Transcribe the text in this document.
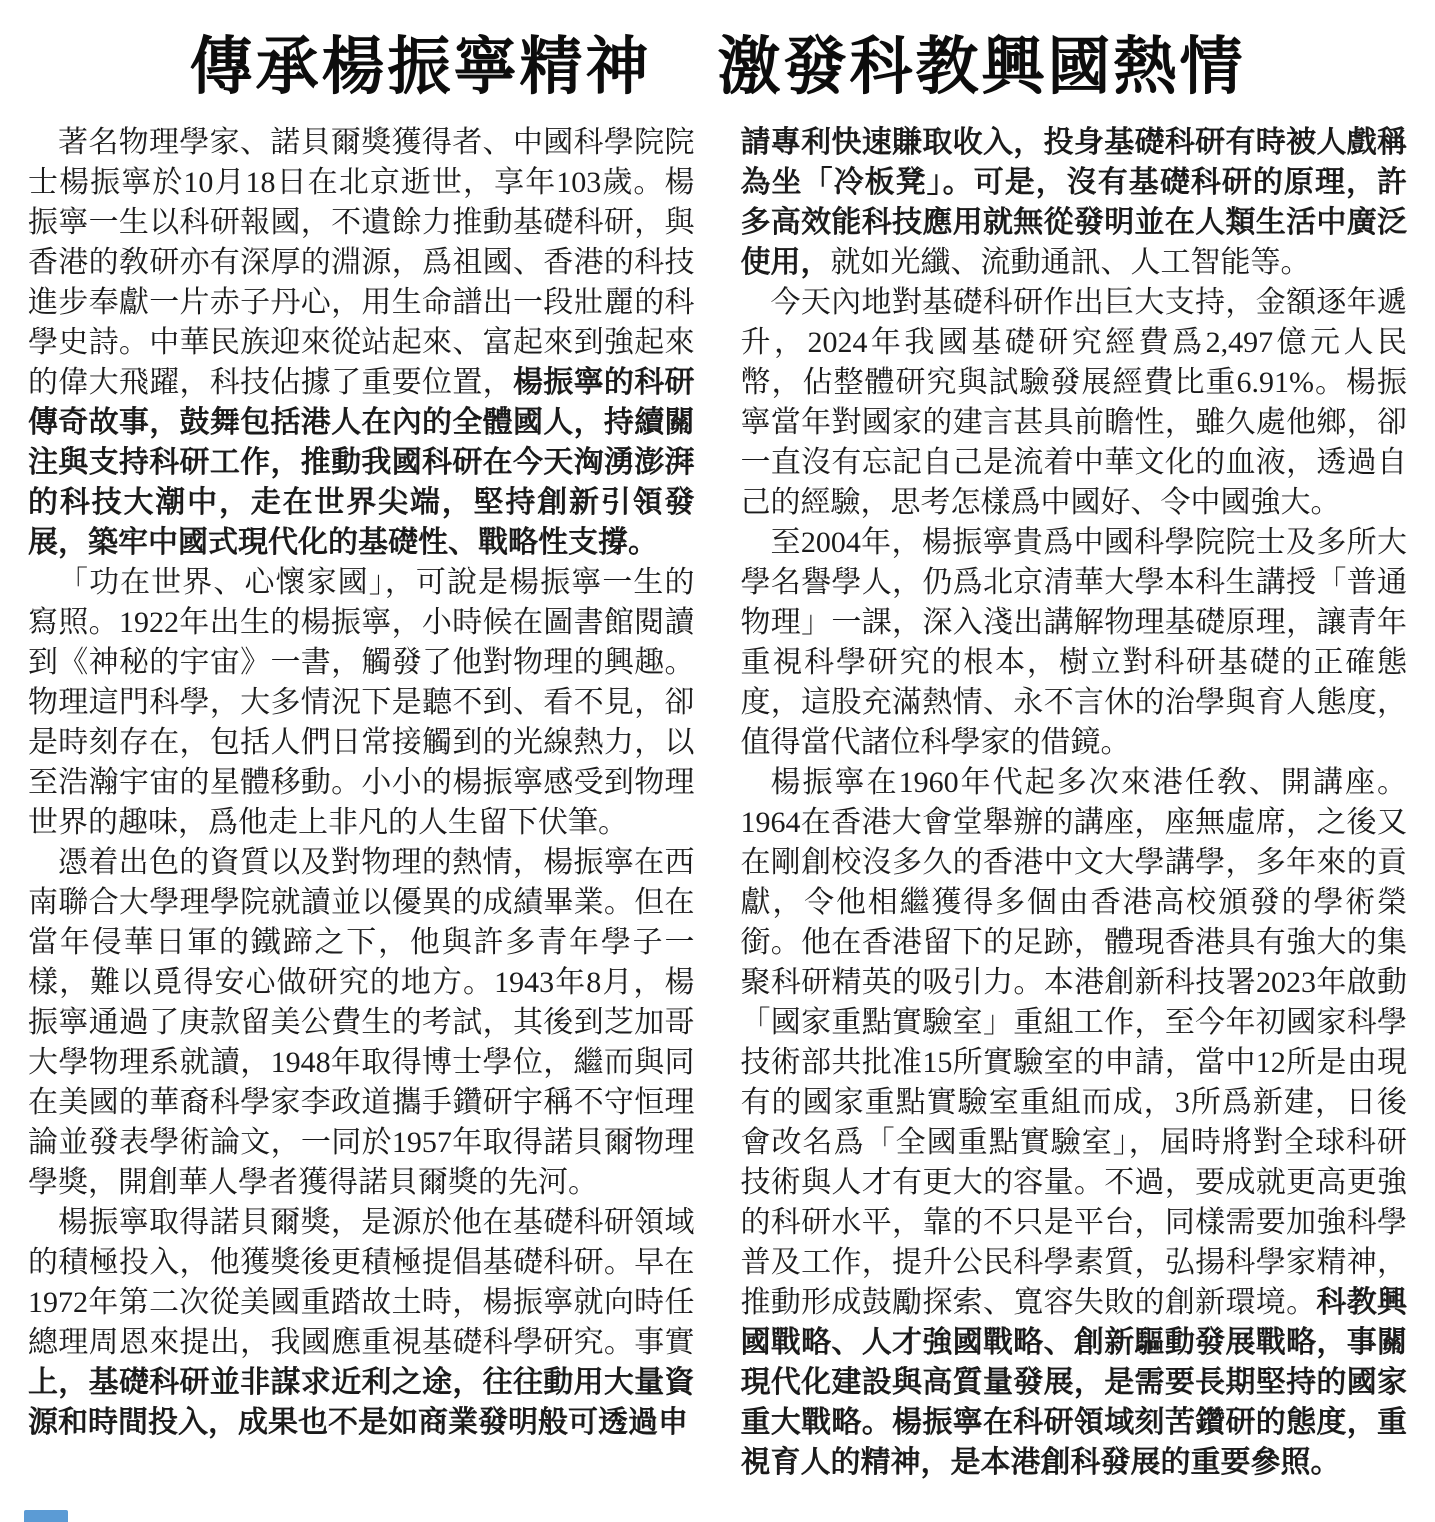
傳承楊振寧精神　激發科教興國熱情

著名物理學家、諾貝爾獎獲得者、中國科學院院士楊振寧於10月18日在北京逝世，享年103歲。楊振寧一生以科研報國，不遺餘力推動基礎科研，與香港的敎研亦有深厚的淵源，爲祖國、香港的科技進步奉獻一片赤子丹心，用生命譜出一段壯麗的科學史詩。中華民族迎來從站起來、富起來到強起來的偉大飛躍，科技佔據了重要位置，楊振寧的科研傳奇故事，鼓舞包括港人在內的全體國人，持續關注與支持科研工作，推動我國科研在今天洶湧澎湃的科技大潮中，走在世界尖端，堅持創新引領發展，築牢中國式現代化的基礎性、戰略性支撐。

「功在世界、心懷家國」，可說是楊振寧一生的寫照。1922年出生的楊振寧，小時候在圖書館閱讀到《神秘的宇宙》一書，觸發了他對物理的興趣。物理這門科學，大多情況下是聽不到、看不見，卻是時刻存在，包括人們日常接觸到的光線熱力，以至浩瀚宇宙的星體移動。小小的楊振寧感受到物理世界的趣味，爲他走上非凡的人生留下伏筆。

憑着出色的資質以及對物理的熱情，楊振寧在西南聯合大學理學院就讀並以優異的成績畢業。但在當年侵華日軍的鐵蹄之下，他與許多青年學子一樣，難以覓得安心做研究的地方。1943年8月，楊振寧通過了庚款留美公費生的考試，其後到芝加哥大學物理系就讀，1948年取得博士學位，繼而與同在美國的華裔科學家李政道攜手鑽研宇稱不守恒理論並發表學術論文，一同於1957年取得諾貝爾物理學獎，開創華人學者獲得諾貝爾獎的先河。

楊振寧取得諾貝爾獎，是源於他在基礎科研領域的積極投入，他獲獎後更積極提倡基礎科研。早在1972年第二次從美國重踏故土時，楊振寧就向時任總理周恩來提出，我國應重視基礎科學研究。事實上，基礎科研並非謀求近利之途，往往動用大量資源和時間投入，成果也不是如商業發明般可透過申

請專利快速賺取收入，投身基礎科研有時被人戲稱為坐「冷板凳」。可是，沒有基礎科研的原理，許多高效能科技應用就無從發明並在人類生活中廣泛使用，就如光纖、流動通訊、人工智能等。

今天內地對基礎科研作出巨大支持，金額逐年遞升，2024年我國基礎研究經費爲2,497億元人民幣，佔整體研究與試驗發展經費比重6.91%。楊振寧當年對國家的建言甚具前瞻性，雖久處他鄉，卻一直沒有忘記自己是流着中華文化的血液，透過自己的經驗，思考怎樣爲中國好、令中國強大。

至2004年，楊振寧貴爲中國科學院院士及多所大學名譽學人，仍爲北京清華大學本科生講授「普通物理」一課，深入淺出講解物理基礎原理，讓青年重視科學研究的根本，樹立對科研基礎的正確態度，這股充滿熱情、永不言休的治學與育人態度，值得當代諸位科學家的借鏡。

楊振寧在1960年代起多次來港任敎、開講座。1964在香港大會堂舉辦的講座，座無虛席，之後又在剛創校沒多久的香港中文大學講學，多年來的貢獻，令他相繼獲得多個由香港高校頒發的學術榮銜。他在香港留下的足跡，體現香港具有強大的集聚科研精英的吸引力。本港創新科技署2023年啟動「國家重點實驗室」重組工作，至今年初國家科學技術部共批准15所實驗室的申請，當中12所是由現有的國家重點實驗室重組而成，3所爲新建，日後會改名爲「全國重點實驗室」，屆時將對全球科研技術與人才有更大的容量。不過，要成就更高更強的科研水平，靠的不只是平台，同樣需要加強科學普及工作，提升公民科學素質，弘揚科學家精神，推動形成鼓勵探索、寬容失敗的創新環境。科教興國戰略、人才強國戰略、創新驅動發展戰略，事關現代化建設與高質量發展，是需要長期堅持的國家重大戰略。楊振寧在科研領域刻苦鑽研的態度，重視育人的精神，是本港創科發展的重要參照。
